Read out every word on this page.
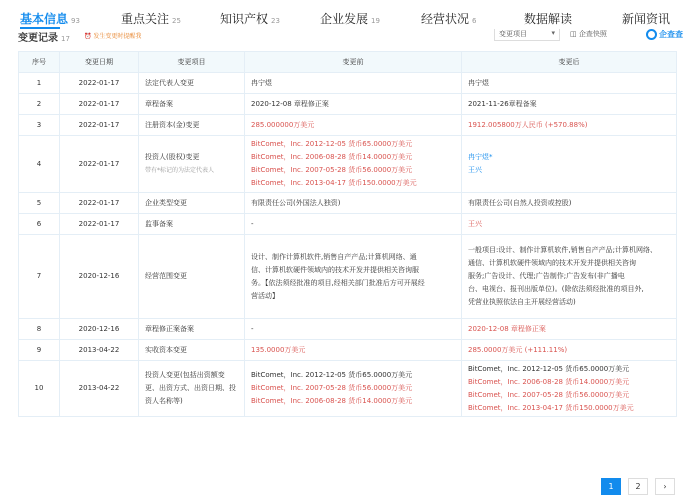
基本信息 93	重点关注 25	知识产权 23	企业发展 19	经营状况 6	数据解读	新闻资讯
变更记录 17 ⏰ 发生变更时提醒我	变更项目	▾ ◫ 企查快照	企查查
序号	变更日期	变更项目	变更前	变更后
1	2022-01-17	法定代表人变更	冉宁煜	冉宁煜

2	2022-01-17	章程备案	2020-12-08 章程修正案	2021-11-26章程备案

3	2022-01-17	注册资本(金)变更	285.000000万美元	1912.005800万人民币 (+570.88%)

4	2022-01-17	投资人(股权)变更
带有*标记的为法定代表人	BitComet，Inc. 2012-12-05 货币65.0000万美元
BitComet，Inc. 2006-08-28 货币14.0000万美元
BitComet，Inc. 2007-05-28 货币56.0000万美元
BitComet，Inc. 2013-04-17 货币150.0000万美元	冉宁煜*
王兴

5	2022-01-17	企业类型变更	有限责任公司(外国法人独资)	有限责任公司(自然人投资或控股)

6	2022-01-17	监事备案	-	王兴

7	2020-12-16	经营范围变更	设计、制作计算机软件,销售自产产品;计算机网络、通
信、计算机软硬件领域内的技术开发并提供相关咨询服
务。【依法须经批准的项目,经相关部门批准后方可开展经
营活动】	一般项目:设计、制作计算机软件,销售自产产品;计算机网络、
通信、计算机软硬件领域内的技术开发并提供相关咨询
服务;广告设计、代理;广告制作;广告发布(非广播电
台、电视台、报刊出版单位)。(除依法须经批准的项目外,
凭营业执照依法自主开展经营活动)

8	2020-12-16	章程修正案备案	-	2020-12-08 章程修正案

9	2013-04-22	实收资本变更	135.0000万美元	285.0000万美元 (+111.11%)

10	2013-04-22	投资人变更(包括出资额变更、出资方式、出资日期、投资人名称等)	BitComet，Inc. 2012-12-05 货币65.0000万美元
BitComet，Inc. 2007-05-28 货币56.0000万美元
BitComet，Inc. 2006-08-28 货币14.0000万美元	BitComet，Inc. 2012-12-05 货币65.0000万美元
BitComet，Inc. 2006-08-28 货币14.0000万美元
BitComet，Inc. 2007-05-28 货币56.0000万美元
BitComet，Inc. 2013-04-17 货币150.0000万美元
1	2	›
